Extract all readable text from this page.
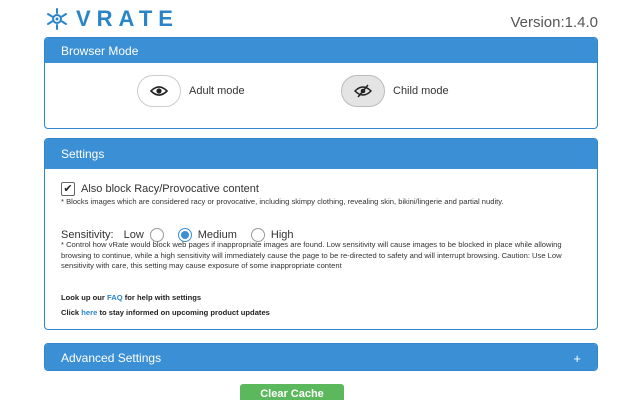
VRATE	Version:1.4.0
Browser Mode
Adult mode	Child mode
Settings
✔ Also block Racy/Provocative content
* Blocks images which are considered racy or provocative, including skimpy clothing, revealing skin, bikini/lingerie and partial nudity.
Sensitivity: Low	Medium	High
* Control how vRate would block web pages if inappropriate images are found. Low sensitivity will cause images to be blocked in place while allowing browsing to continue, while a high sensitivity will immediately cause the page to be re-directed to safety and will interrupt browsing. Caution: Use Low sensitivity with care, this setting may cause exposure of some inappropriate content
Look up our FAQ for help with settings
Click here to stay informed on upcoming product updates
Advanced Settings	+
Clear Cache
